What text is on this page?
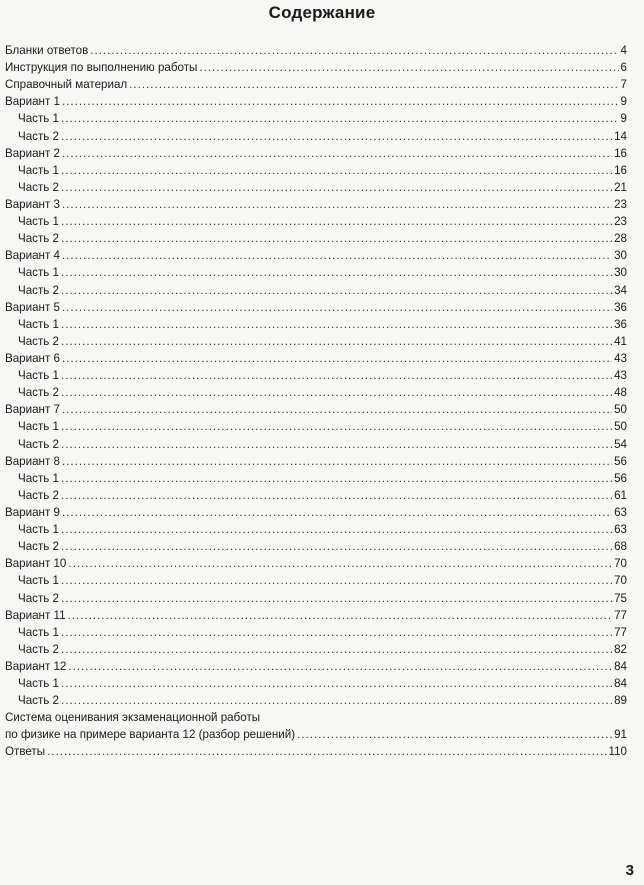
Содержание
Бланки ответов .....	4
Инструкция по выполнению работы .....	6
Справочный материал .....	7
Вариант 1 .....	9
Часть 1 .....	9
Часть 2 .....	14
Вариант 2 .....	16
Часть 1 .....	16
Часть 2 .....	21
Вариант 3 .....	23
Часть 1 .....	23
Часть 2 .....	28
Вариант 4 .....	30
Часть 1 .....	30
Часть 2 .....	34
Вариант 5 .....	36
Часть 1 .....	36
Часть 2 .....	41
Вариант 6 .....	43
Часть 1 .....	43
Часть 2 .....	48
Вариант 7 .....	50
Часть 1 .....	50
Часть 2 .....	54
Вариант 8 .....	56
Часть 1 .....	56
Часть 2 .....	61
Вариант 9 .....	63
Часть 1 .....	63
Часть 2 .....	68
Вариант 10 .....	70
Часть 1 .....	70
Часть 2 .....	75
Вариант 11 .....	77
Часть 1 .....	77
Часть 2 .....	82
Вариант 12 .....	84
Часть 1 .....	84
Часть 2 .....	89
Система оценивания экзаменационной работы
по физике на примере варианта 12 (разбор решений) .....	91
Ответы .....	110
3
